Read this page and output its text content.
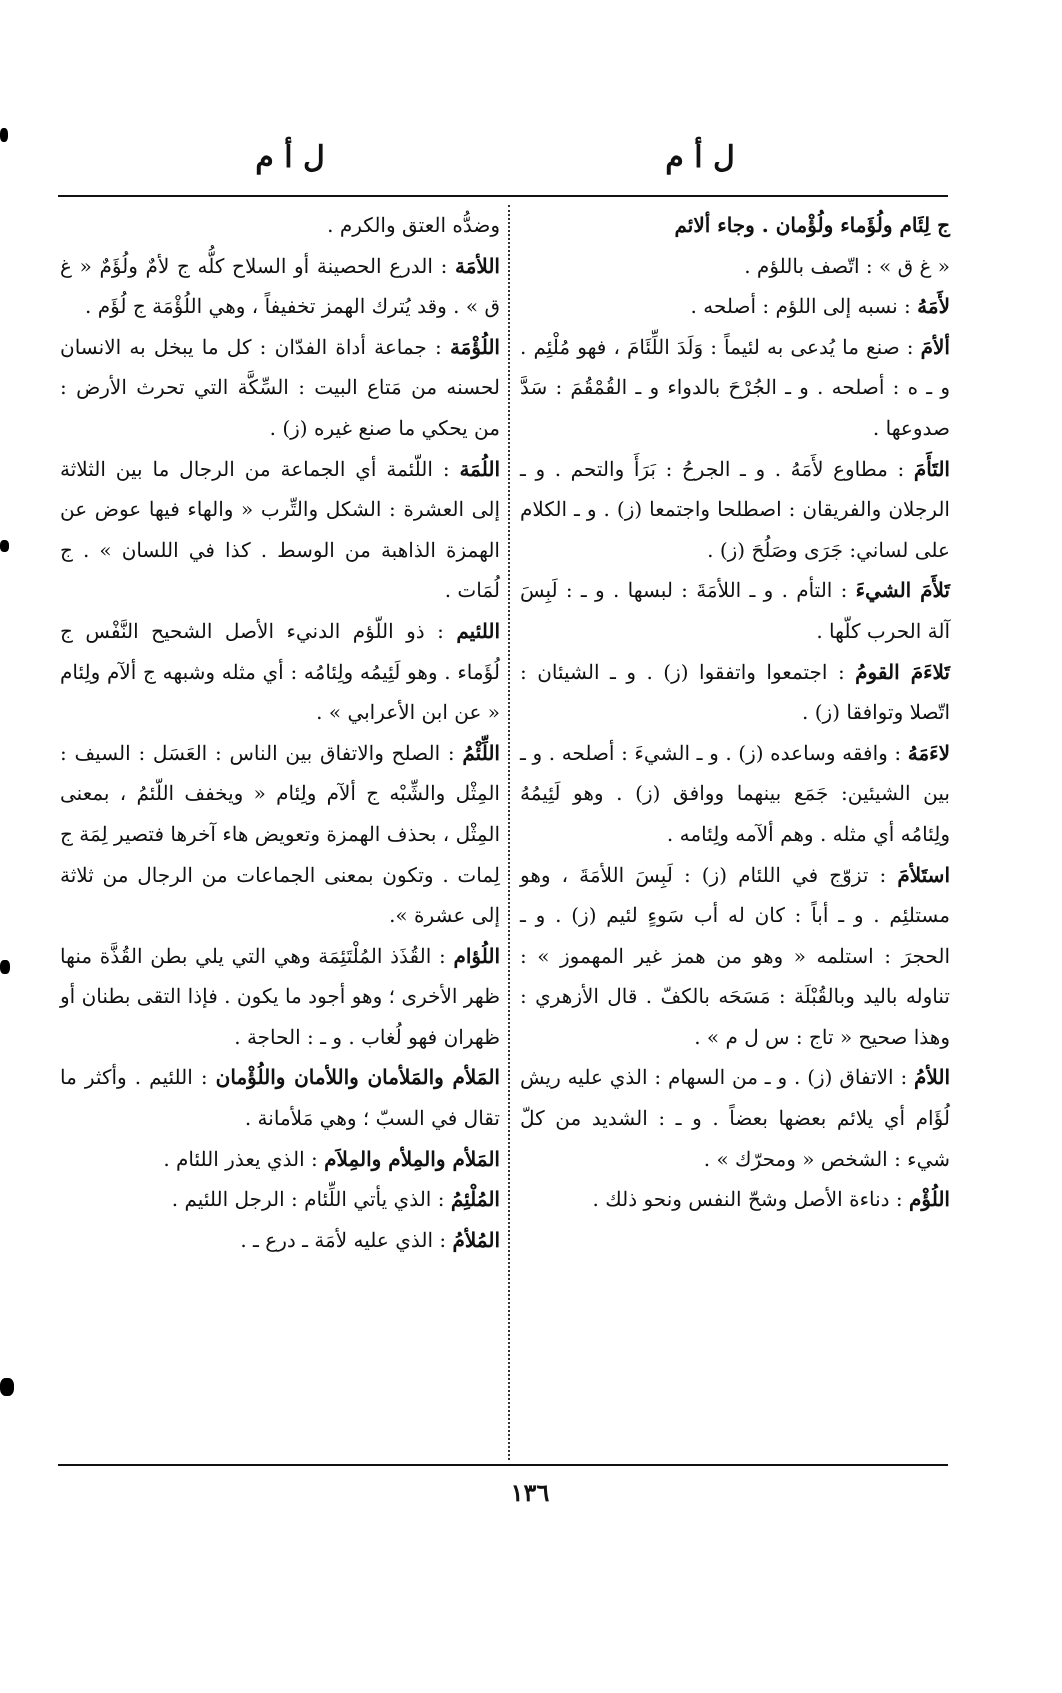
ل أ م
ل أ م

ج لِئَام ولُؤَماء ولُؤْمان . وجاء ألائم

« غ ق » : اتّصف باللؤم .

لأَمَهُ : نسبه إلى اللؤم : أصلحه .

ألأمَ : صنع ما يُدعى به لئيماً : وَلَدَ اللِّئَامَ ، فهو مُلْئِم . و ـ ه : أصلحه . و ـ الجُرْحَ بالدواء و ـ القُمْقُمَ : سَدَّ صدوعها .

التَأَمَ : مطاوع لأَمَهُ . و ـ الجرحُ : بَرَأَ والتحم . و ـ الرجلان والفريقان : اصطلحا واجتمعا (ز) . و ـ الكلام على لساني: جَرَى وصَلُحَ (ز) .

تَلأَمَ الشيءَ : التأم . و ـ اللأمَةَ : لبسها . و ـ : لَبِسَ آلة الحرب كلّها .

تَلاءَمَ القومُ : اجتمعوا واتفقوا (ز) . و ـ الشيئان : اتّصلا وتوافقا (ز) .

لاءَمَهُ : وافقه وساعده (ز) . و ـ الشيءَ : أصلحه . و ـ بين الشيئين: جَمَع بينهما ووافق (ز) . وهو لَئِيمُهُ ولِئامُه أي مثله . وهم ألآمه ولِئامه .

استَلأمَ : تزوّج في اللئام (ز) : لَبِسَ اللأمَةَ ، وهو مستلئِم . و ـ أباً : كان له أب سَوءٍ لئيم (ز) . و ـ الحجرَ : استلمه « وهو من همز غير المهموز » : تناوله باليد وبالقُبْلَة : مَسَحَه بالكفّ . قال الأزهري : وهذا صحيح « تاج : س ل م » .

اللأمُ : الاتفاق (ز) . و ـ من السهام : الذي عليه ريش لُؤَام أي يلائم بعضها بعضاً . و ـ : الشديد من كلّ شيء : الشخص « ومحرّك » .

اللُؤْم : دناءة الأصل وشحّ النفس ونحو ذلك .

وضدُّه العتق والكرم .

اللأمَة : الدرع الحصينة أو السلاح كلُّه ج لأمٌ ولُؤَمٌ « غ ق » . وقد يُترك الهمز تخفيفاً ، وهي اللُؤْمَة ج لُؤَم .

اللُؤْمَة : جماعة أداة الفدّان : كل ما يبخل به الانسان لحسنه من مَتاع البيت : السِّكَّة التي تحرث الأرض : من يحكي ما صنع غيره (ز) .

اللُمَة : اللّئمة أي الجماعة من الرجال ما بين الثلاثة إلى العشرة : الشكل والتِّرب « والهاء فيها عوض عن الهمزة الذاهبة من الوسط . كذا في اللسان » . ج لُمَات .

اللئيم : ذو اللّؤم الدنيء الأصل الشحيح النَّفْس ج لُؤَماء . وهو لَئِيمُه ولِئامُه : أي مثله وشبهه ج ألآم ولِئام « عن ابن الأعرابي » .

اللِّئْمُ : الصلح والاتفاق بين الناس : العَسَل : السيف : المِثْل والشِّبْه ج ألآم ولِئام « ويخفف اللّئمُ ، بمعنى المِثْل ، بحذف الهمزة وتعويض هاء آخرها فتصير لِمَة ج لِمات . وتكون بمعنى الجماعات من الرجال من ثلاثة إلى عشرة ».

اللُؤام : القُذَذ المُلْتَئِمَة وهي التي يلي بطن القُذَّة منها ظهر الأخرى ؛ وهو أجود ما يكون . فإذا التقى بطنان أو ظهران فهو لُغاب . و ـ : الحاجة .

المَلأم والمَلأمان واللأمان واللُؤْمان : اللئيم . وأكثر ما تقال في السبّ ؛ وهي مَلأمانة .

المَلأم والمِلأم والمِلاَم : الذي يعذر اللئام .

المُلْئِمُ : الذي يأتي اللِّئام : الرجل اللئيم .

المُلأمُ : الذي عليه لأمَة ـ درع ـ .

١٣٦
